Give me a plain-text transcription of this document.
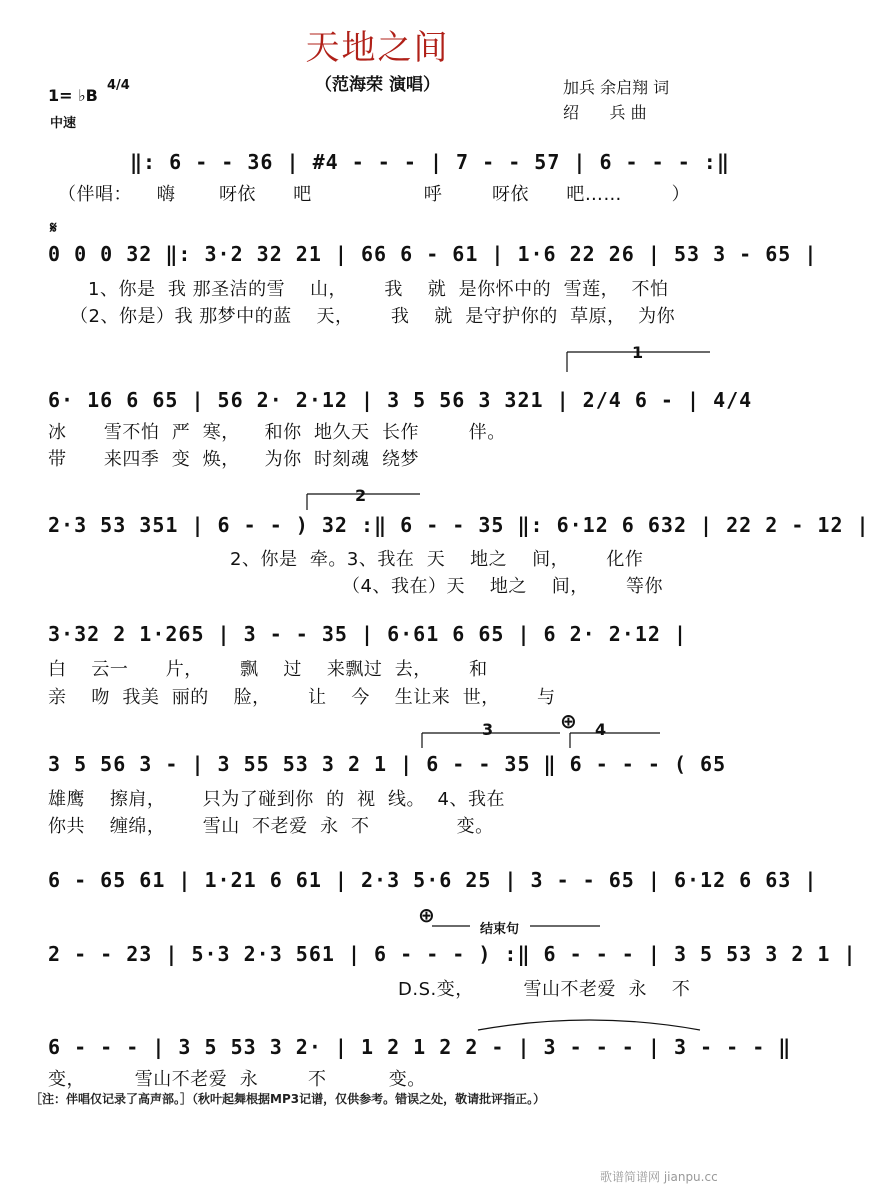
天地之间
（范海荣 演唱）	加兵 余启翔 词
绍      兵 曲
1= ♭B
4/4
中速
‖: 6 - - 36 | #4 - - - | 7 - - 57 | 6 - - - :‖
（伴唱：    嗨       呀依      吧                  呼        呀依      吧……        ）
𝄋
0 0 0 32 ‖: 3·2 32 21 | 66 6 - 61 | 1·6 22 26 | 53 3 - 65 |
1、你是  我 那圣洁的雪    山，      我    就  是你怀中的  雪莲，  不怕
（2、你是）我 那梦中的蓝    天，      我    就  是守护你的  草原，  为你
1
6· 16 6 65 | 56 2· 2·12 | 3 5 56 3 321 | 2/4 6 - | 4/4
冰      雪不怕  严  寒，    和你  地久天  长作        伴。
带      来四季  变  焕，    为你  时刻魂  绕梦
2
2·3 53 351 | 6 - - ) 32 :‖ 6 - - 35 ‖: 6·12 6 632 | 22 2 - 12 |
2、你是  牵。3、我在  天    地之    间，      化作
（4、我在）天    地之    间，      等你
3·32 2 1·265 | 3 - - 35 | 6·61 6 65 | 6 2· 2·12 |
白    云一      片，      飘    过    来飘过  去，      和
亲    吻  我美  丽的    脸，      让    今    生让来  世，      与
3	⊕ 4
3 5 56 3 - | 3 55 53 3 2 1 | 6 - - 35 ‖ 6 - - - ( 65
雄鹰    擦肩，      只为了碰到你  的  视  线。  4、我在
你共    缠绵，      雪山  不老爱  永  不              变。
6 - 65 61 | 1·21 6 61 | 2·3 5·6 25 | 3 - - 65 | 6·12 6 63 |
⊕
结束句
2 - - 23 | 5·3 2·3 561 | 6 - - - ) :‖ 6 - - - | 3 5 53 3 2 1 |
D.S.变，        雪山不老爱  永    不
6 - - - | 3 5 53 3 2· | 1 2 1 2 2 - | 3 - - - | 3 - - - ‖
变，        雪山不老爱  永        不          变。
［注：伴唱仅记录了高声部。］（秋叶起舞根据MP3记谱，仅供参考。错误之处，敬请批评指正。）
歌谱简谱网 jianpu.cc
